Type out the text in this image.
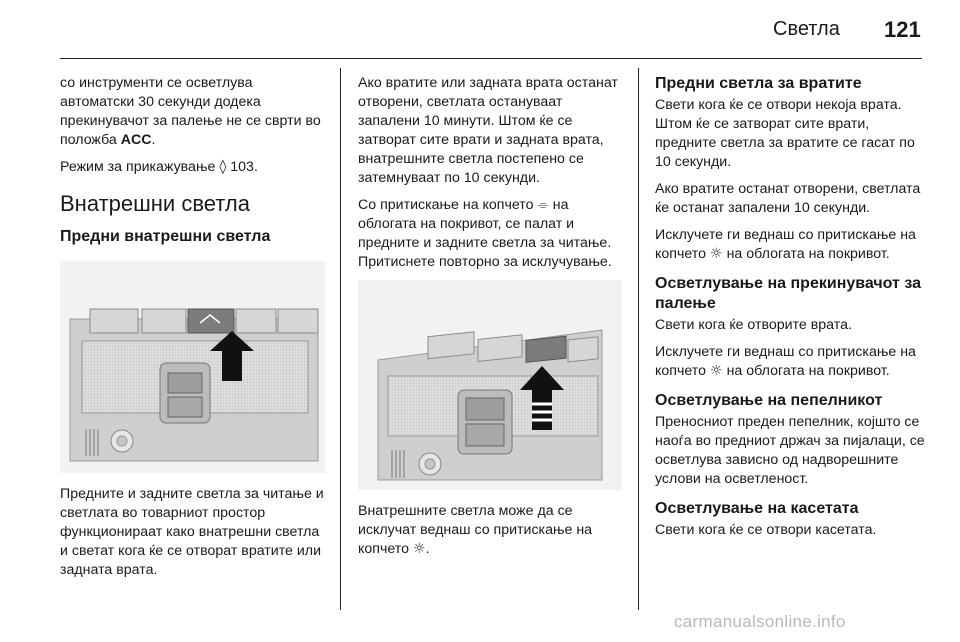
Светла 121

со инструменти се осветлува автоматски 30 секунди додека прекинувачот за палење не се сврти во положба ACC.

Режим за прикажување ◊ 103.

Внатрешни светла
Предни внатрешни светла

Предните и задните светла за читање и светлата во товарниот простор функционираат како внатрешни светла и светат кога ќе се отворат вратите или задната врата.

Ако вратите или задната врата останат отворени, светлата остануваат запалени 10 минути. Штом ќе се затворат сите врати и задната врата, внатрешните светла постепено се затемнуваат по 10 секунди.

Со притискање на копчето ⌯ на облогата на покривот, се палат и предните и задните светла за читање. Притиснете повторно за исклучување.

Внатрешните светла може да се исклучат веднаш со притискање на копчето ☼.

Предни светла за вратите

Свети кога ќе се отвори некоја врата. Штом ќе се затворат сите врати, предните светла за вратите се гасат по 10 секунди.

Ако вратите останат отворени, светлата ќе останат запалени 10 секунди.

Исклучете ги веднаш со притискање на копчето ☼ на облогата на покривот.

Осветлување на прекинувачот за палење

Свети кога ќе отворите врата.

Исклучете ги веднаш со притискање на копчето ☼ на облогата на покривот.

Осветлување на пепелникот

Преносниот преден пепелник, којшто се наоѓа во предниот држач за пијалаци, се осветлува зависно од надворешните услови на осветленост.

Осветлување на касетата

Свети кога ќе се отвори касетата.

carmanualsonline.info
